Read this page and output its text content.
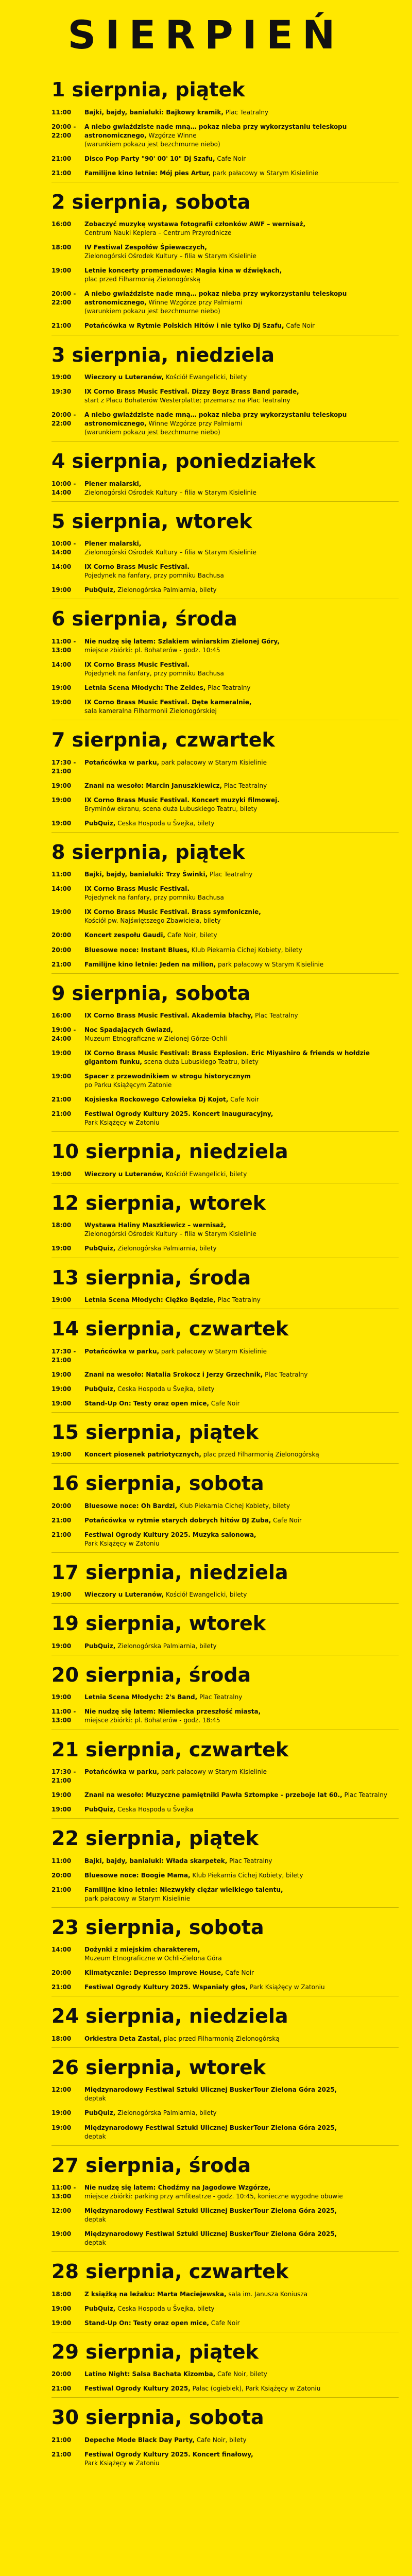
SIERPIEŃ
1 sierpnia, piątek
11:00	Bajki, bajdy, banialuki: Bajkowy kramik, Plac Teatralny
20:00 - 22:00
A niebo gwiaździste nade mną… pokaz nieba przy wykorzystaniu teleskopu astronomicznego, Wzgórze Winne
(warunkiem pokazu jest bezchmurne niebo)
21:00	Disco Pop Party "90' 00' 10" Dj Szafu, Cafe Noir
21:00	Familijne kino letnie: Mój pies Artur, park pałacowy w Starym Kisielinie
2 sierpnia, sobota
16:00	Zobaczyć muzykę wystawa fotografii członków AWF – wernisaż,
Centrum Nauki Keplera – Centrum Przyrodnicze
18:00	IV Festiwal Zespołów Śpiewaczych,
Zielonogórski Ośrodek Kultury – filia w Starym Kisielinie
19:00	Letnie koncerty promenadowe: Magia kina w dźwiękach,
plac przed Filharmonią Zielonogórską
20:00 - 22:00
A niebo gwiaździste nade mną… pokaz nieba przy wykorzystaniu teleskopu astronomicznego, Winne Wzgórze przy Palmiarni
(warunkiem pokazu jest bezchmurne niebo)
21:00	Potańcówka w Rytmie Polskich Hitów i nie tylko Dj Szafu, Cafe Noir
3 sierpnia, niedziela
19:00	Wieczory u Luteranów, Kościół Ewangelicki, bilety
19:30	IX Corno Brass Music Festival. Dizzy Boyz Brass Band parade,
start z Placu Bohaterów Westerplatte; przemarsz na Plac Teatralny
20:00 - 22:00
A niebo gwiaździste nade mną… pokaz nieba przy wykorzystaniu teleskopu astronomicznego, Winne Wzgórze przy Palmiarni
(warunkiem pokazu jest bezchmurne niebo)
4 sierpnia, poniedziałek
10:00 - 14:00
Plener malarski,
Zielonogórski Ośrodek Kultury – filia w Starym Kisielinie
5 sierpnia, wtorek
10:00 - 14:00
Plener malarski,
Zielonogórski Ośrodek Kultury – filia w Starym Kisielinie
14:00	IX Corno Brass Music Festival.
Pojedynek na fanfary, przy pomniku Bachusa
19:00	PubQuiz, Zielonogórska Palmiarnia, bilety
6 sierpnia, środa
11:00 - 13:00
Nie nudzę się latem: Szlakiem winiarskim Zielonej Góry,
miejsce zbiórki: pl. Bohaterów - godz. 10:45
14:00	IX Corno Brass Music Festival.
Pojedynek na fanfary, przy pomniku Bachusa
19:00	Letnia Scena Młodych: The Zeldes, Plac Teatralny
19:00	IX Corno Brass Music Festival. Dęte kameralnie,
sala kameralna Filharmonii Zielonogórskiej
7 sierpnia, czwartek
17:30 - 21:00
Potańcówka w parku, park pałacowy w Starym Kisielinie
19:00	Znani na wesoło: Marcin Januszkiewicz, Plac Teatralny
19:00	IX Corno Brass Music Festival. Koncert muzyki filmowej.
Bryminów ekranu, scena duża Lubuskiego Teatru, bilety
19:00	PubQuiz, Ceska Hospoda u Švejka, bilety
8 sierpnia, piątek
11:00	Bajki, bajdy, banialuki: Trzy Świnki, Plac Teatralny
14:00	IX Corno Brass Music Festival.
Pojedynek na fanfary, przy pomniku Bachusa
19:00	IX Corno Brass Music Festival. Brass symfonicznie,
Kościół pw. Najświętszego Zbawiciela, bilety
20:00	Koncert zespołu Gaudi, Cafe Noir, bilety
20:00	Bluesowe noce: Instant Blues, Klub Piekarnia Cichej Kobiety, bilety
21:00	Familijne kino letnie: Jeden na milion, park pałacowy w Starym Kisielinie
9 sierpnia, sobota
16:00	IX Corno Brass Music Festival. Akademia błachy, Plac Teatralny
19:00 - 24:00
Noc Spadających Gwiazd,
Muzeum Etnograficzne w Zielonej Górze-Ochli
19:00	IX Corno Brass Music Festival: Brass Explosion. Eric Miyashiro & friends w hołdzie gigantom funku, scena duża Lubuskiego Teatru, bilety
19:00	Spacer z przewodnikiem w strogu historycznym
po Parku Książęcym Zatonie
21:00	Kojsieska Rockowego Człowieka Dj Kojot, Cafe Noir
21:00	Festiwal Ogrody Kultury 2025. Koncert inauguracyjny,
Park Książęcy w Zatoniu
10 sierpnia, niedziela
19:00	Wieczory u Luteranów, Kościół Ewangelicki, bilety
12 sierpnia, wtorek
18:00	Wystawa Haliny Maszkiewicz – wernisaż,
Zielonogórski Ośrodek Kultury – filia w Starym Kisielinie
19:00	PubQuiz, Zielonogórska Palmiarnia, bilety
13 sierpnia, środa
19:00	Letnia Scena Młodych: Ciężko Będzie, Plac Teatralny
14 sierpnia, czwartek
17:30 - 21:00
Potańcówka w parku, park pałacowy w Starym Kisielinie
19:00	Znani na wesoło: Natalia Srokocz i Jerzy Grzechnik, Plac Teatralny
19:00	PubQuiz, Ceska Hospoda u Švejka, bilety
19:00	Stand-Up On: Testy oraz open mice, Cafe Noir
15 sierpnia, piątek
19:00	Koncert piosenek patriotycznych, plac przed Filharmonią Zielonogórską
16 sierpnia, sobota
20:00	Bluesowe noce: Oh Bardzi, Klub Piekarnia Cichej Kobiety, bilety
21:00	Potańcówka w rytmie starych dobrych hitów DJ Zuba, Cafe Noir
21:00	Festiwal Ogrody Kultury 2025. Muzyka salonowa,
Park Książęcy w Zatoniu
17 sierpnia, niedziela
19:00	Wieczory u Luteranów, Kościół Ewangelicki, bilety
19 sierpnia, wtorek
19:00	PubQuiz, Zielonogórska Palmiarnia, bilety
20 sierpnia, środa
19:00	Letnia Scena Młodych: 2's Band, Plac Teatralny
11:00 - 13:00
Nie nudzę się latem: Niemiecka przeszłość miasta,
miejsce zbiórki: pl. Bohaterów - godz. 18:45
21 sierpnia, czwartek
17:30 - 21:00
Potańcówka w parku, park pałacowy w Starym Kisielinie
19:00	Znani na wesoło: Muzyczne pamiętniki Pawła Sztompke - przeboje lat 60., Plac Teatralny
19:00	PubQuiz, Ceska Hospoda u Švejka
22 sierpnia, piątek
11:00	Bajki, bajdy, banialuki: Włada skarpetek, Plac Teatralny
20:00	Bluesowe noce: Boogie Mama, Klub Piekarnia Cichej Kobiety, bilety
21:00	Familijne kino letnie: Niezwykły cięźar wielkiego talentu,
park pałacowy w Starym Kisielinie
23 sierpnia, sobota
14:00	Dożynki z miejskim charakterem,
Muzeum Etnograficzne w Ochli-Zielona Góra
20:00	Klimatycznie: Depresso Improve House, Cafe Noir
21:00	Festiwal Ogrody Kultury 2025. Wspaniały głos, Park Książęcy w Zatoniu
24 sierpnia, niedziela
18:00	Orkiestra Deta Zastal, plac przed Filharmonią Zielonogórską
26 sierpnia, wtorek
12:00	Międzynarodowy Festiwal Sztuki Ulicznej BuskerTour Zielona Góra 2025,
deptak
19:00	PubQuiz, Zielonogórska Palmiarnia, bilety
19:00	Międzynarodowy Festiwal Sztuki Ulicznej BuskerTour Zielona Góra 2025,
deptak
27 sierpnia, środa
11:00 - 13:00
Nie nudzę się latem: Chodźmy na Jagodowe Wzgórze,
miejsce zbiórki: parking przy amfiteatrze - godz. 10:45, konieczne wygodne obuwie
12:00	Międzynarodowy Festiwal Sztuki Ulicznej BuskerTour Zielona Góra 2025,
deptak
19:00	Międzynarodowy Festiwal Sztuki Ulicznej BuskerTour Zielona Góra 2025,
deptak
28 sierpnia, czwartek
18:00	Z książką na leżaku: Marta Maciejewska, sala im. Janusza Koniusza
19:00	PubQuiz, Ceska Hospoda u Švejka, bilety
19:00	Stand-Up On: Testy oraz open mice, Cafe Noir
29 sierpnia, piątek
20:00	Latino Night: Salsa Bachata Kizomba, Cafe Noir, bilety
21:00	Festiwal Ogrody Kultury 2025, Pałac (ogiebiek), Park Książęcy w Zatoniu
30 sierpnia, sobota
21:00	Depeche Mode Black Day Party, Cafe Noir, bilety
21:00	Festiwal Ogrody Kultury 2025. Koncert finałowy,
Park Książęcy w Zatoniu
